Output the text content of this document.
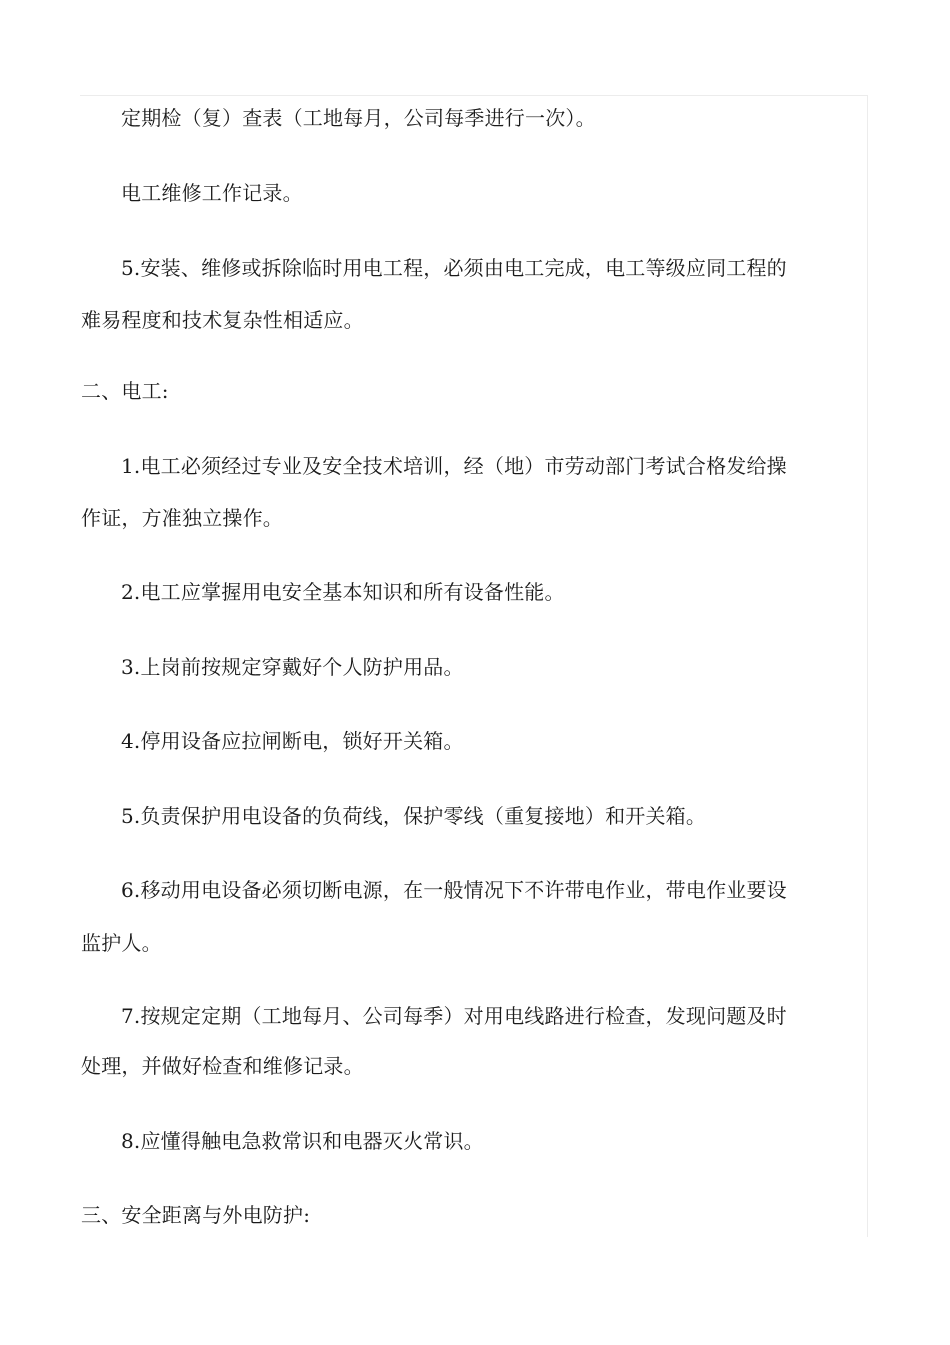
定期检（复）查表（工地每月，公司每季进行一次）。
电工维修工作记录。
5.安装、维修或拆除临时用电工程，必须由电工完成，电工等级应同工程的
难易程度和技术复杂性相适应。
二、电工:
1.电工必须经过专业及安全技术培训，经（地）市劳动部门考试合格发给操
作证，方准独立操作。
2.电工应掌握用电安全基本知识和所有设备性能。
3.上岗前按规定穿戴好个人防护用品。
4.停用设备应拉闸断电，锁好开关箱。
5.负责保护用电设备的负荷线，保护零线（重复接地）和开关箱。
6.移动用电设备必须切断电源，在一般情况下不许带电作业，带电作业要设
监护人。
7.按规定定期（工地每月、公司每季）对用电线路进行检查，发现问题及时
处理，并做好检查和维修记录。
8.应懂得触电急救常识和电器灭火常识。
三、安全距离与外电防护:
